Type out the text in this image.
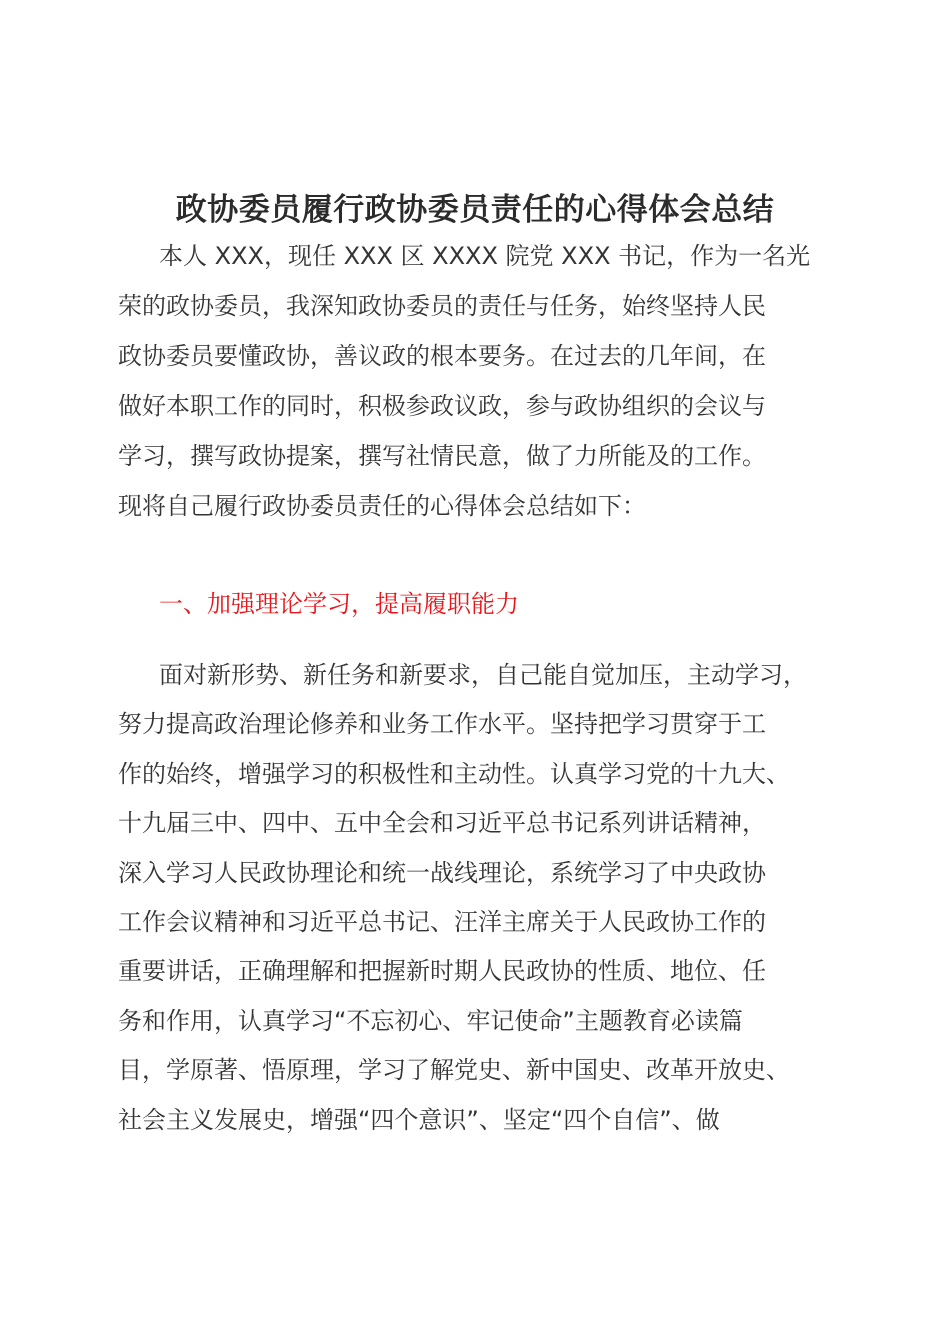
政协委员履行政协委员责任的心得体会总结
本人 XXX，现任 XXX 区 XXXX 院党 XXX 书记，作为一名光
荣的政协委员，我深知政协委员的责任与任务，始终坚持人民
政协委员要懂政协，善议政的根本要务。在过去的几年间，在
做好本职工作的同时，积极参政议政，参与政协组织的会议与
学习，撰写政协提案，撰写社情民意，做了力所能及的工作。
现将自己履行政协委员责任的心得体会总结如下：
一、加强理论学习，提高履职能力
面对新形势、新任务和新要求，自己能自觉加压，主动学习，
努力提高政治理论修养和业务工作水平。坚持把学习贯穿于工
作的始终，增强学习的积极性和主动性。认真学习党的十九大、
十九届三中、四中、五中全会和习近平总书记系列讲话精神，
深入学习人民政协理论和统一战线理论，系统学习了中央政协
工作会议精神和习近平总书记、汪洋主席关于人民政协工作的
重要讲话，正确理解和把握新时期人民政协的性质、地位、任
务和作用，认真学习“不忘初心、牢记使命”主题教育必读篇
目，学原著、悟原理，学习了解党史、新中国史、改革开放史、
社会主义发展史，增强“四个意识”、坚定“四个自信”、做
